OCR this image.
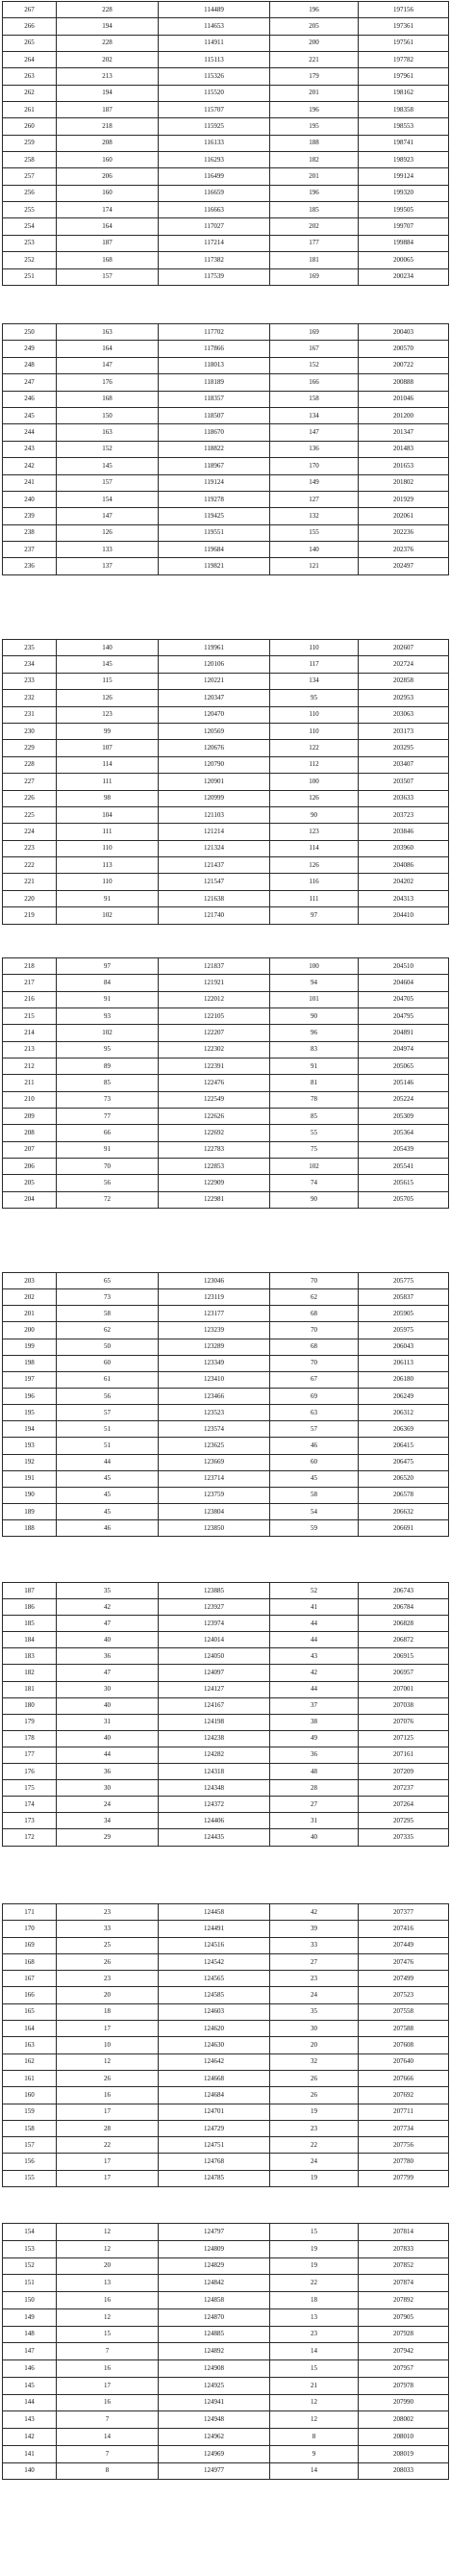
267	228	114489	196	197156
266	194	114653	205	197361
265	228	114911	200	197561
264	202	115113	221	197782
263	213	115326	179	197961
262	194	115520	201	198162
261	187	115707	196	198358
260	218	115925	195	198553
259	208	116133	188	198741
258	160	116293	182	198923
257	206	116499	201	199124
256	160	116659	196	199320
255	174	116663	185	199505
254	164	117027	202	199707
253	187	117214	177	199884
252	168	117382	181	200065
251	157	117539	169	200234
250	163	117702	169	200403
249	164	117866	167	200570
248	147	118013	152	200722
247	176	118189	166	200888
246	168	118357	158	201046
245	150	118507	134	201200
244	163	118670	147	201347
243	152	118822	136	201483
242	145	118967	170	201653
241	157	119124	149	201802
240	154	119278	127	201929
239	147	119425	132	202061
238	126	119551	155	202236
237	133	119684	140	202376
236	137	119821	121	202497
235	140	119961	110	202607
234	145	120106	117	202724
233	115	120221	134	202858
232	126	120347	95	202953
231	123	120470	110	203063
230	99	120569	110	203173
229	107	120676	122	203295
228	114	120790	112	203407
227	111	120901	100	203507
226	98	120999	126	203633
225	104	121103	90	203723
224	111	121214	123	203846
223	110	121324	114	203960
222	113	121437	126	204086
221	110	121547	116	204202
220	91	121638	111	204313
219	102	121740	97	204410
218	97	121837	100	204510
217	84	121921	94	204604
216	91	122012	101	204705
215	93	122105	90	204795
214	102	122207	96	204891
213	95	122302	83	204974
212	89	122391	91	205065
211	85	122476	81	205146
210	73	122549	78	205224
209	77	122626	85	205309
208	66	122692	55	205364
207	91	122783	75	205439
206	70	122853	102	205541
205	56	122909	74	205615
204	72	122981	90	205705
203	65	123046	70	205775
202	73	123119	62	205837
201	58	123177	68	205905
200	62	123239	70	205975
199	50	123289	68	206043
198	60	123349	70	206113
197	61	123410	67	206180
196	56	123466	69	206249
195	57	123523	63	206312
194	51	123574	57	206369
193	51	123625	46	206415
192	44	123669	60	206475
191	45	123714	45	206520
190	45	123759	58	206578
189	45	123804	54	206632
188	46	123850	59	206691
187	35	123885	52	206743
186	42	123927	41	206784
185	47	123974	44	206828
184	40	124014	44	206872
183	36	124050	43	206915
182	47	124097	42	206957
181	30	124127	44	207001
180	40	124167	37	207038
179	31	124198	38	207076
178	40	124238	49	207125
177	44	124282	36	207161
176	36	124318	48	207209
175	30	124348	28	207237
174	24	124372	27	207264
173	34	124406	31	207295
172	29	124435	40	207335
171	23	124458	42	207377
170	33	124491	39	207416
169	25	124516	33	207449
168	26	124542	27	207476
167	23	124565	23	207499
166	20	124585	24	207523
165	18	124603	35	207558
164	17	124620	30	207588
163	10	124630	20	207608
162	12	124642	32	207640
161	26	124668	26	207666
160	16	124684	26	207692
159	17	124701	19	207711
158	28	124729	23	207734
157	22	124751	22	207756
156	17	124768	24	207780
155	17	124785	19	207799
154	12	124797	15	207814
153	12	124809	19	207833
152	20	124829	19	207852
151	13	124842	22	207874
150	16	124858	18	207892
149	12	124870	13	207905
148	15	124885	23	207928
147	7	124892	14	207942
146	16	124908	15	207957
145	17	124925	21	207978
144	16	124941	12	207990
143	7	124948	12	208002
142	14	124962	8	208010
141	7	124969	9	208019
140	8	124977	14	208033
